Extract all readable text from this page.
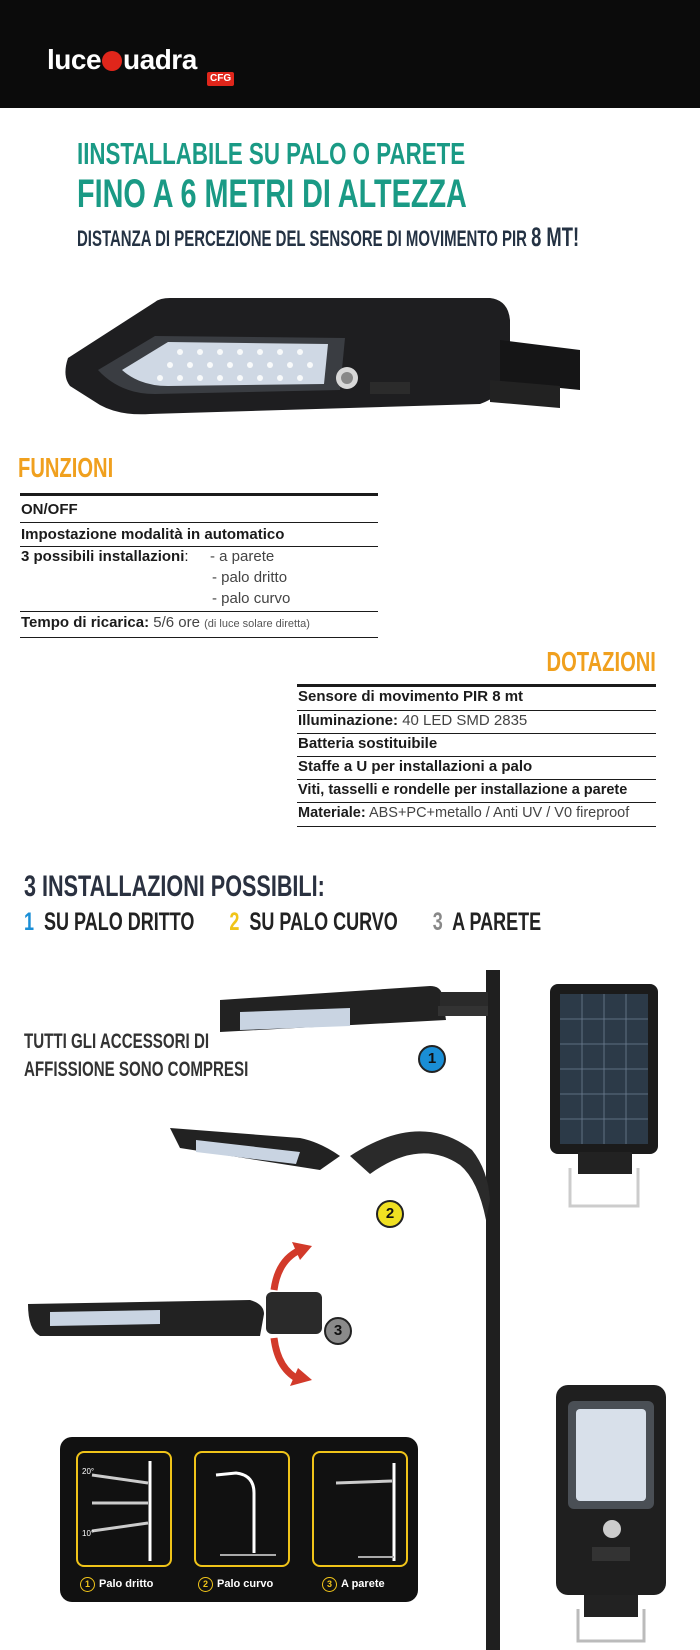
luce uadra
CFG
IINSTALLABILE SU PALO O PARETE
FINO A 6 METRI DI ALTEZZA
DISTANZA DI PERCEZIONE DEL SENSORE DI MOVIMENTO PIR 8 MT!
FUNZIONI
ON/OFF
Impostazione modalità in automatico
3 possibili installazioni: - a parete
- palo dritto
- palo curvo
Tempo di ricarica: 5/6 ore (di luce solare diretta)
DOTAZIONI
Sensore di movimento PIR 8 mt
Illuminazione: 40 LED SMD 2835
Batteria sostituibile
Staffe a U per installazioni a palo
Viti, tasselli e rondelle per installazione a parete
Materiale: ABS+PC+metallo / Anti UV / V0 fireproof
3 INSTALLAZIONI POSSIBILI:
1 SU PALO DRITTO 2 SU PALO CURVO 3 A PARETE
TUTTI GLI ACCESSORI DI
AFFISSIONE SONO COMPRESI	1
2
3
20°
10°
1 Palo dritto	2 Palo curvo	3 A parete
